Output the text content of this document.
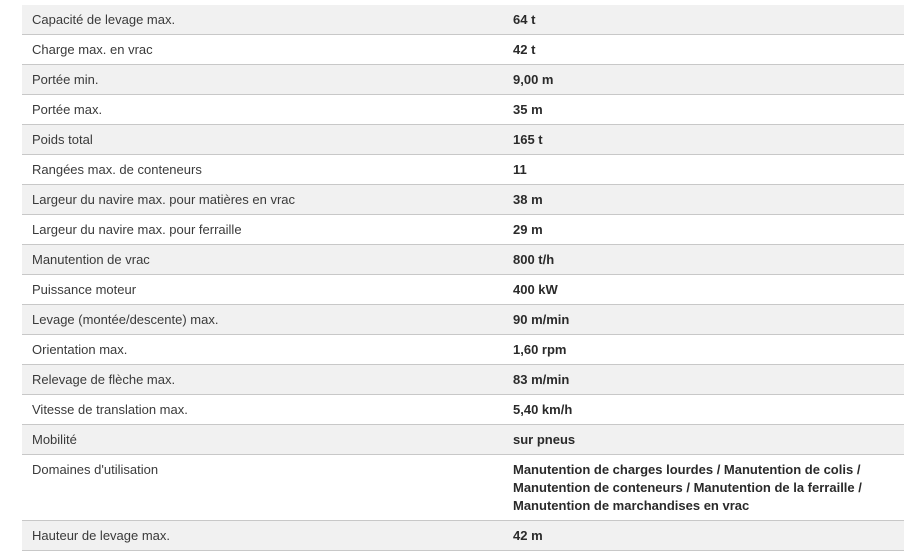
Capacité de levage max.	64 t
Charge max. en vrac	42 t
Portée min.	9,00 m
Portée max.	35 m
Poids total	165 t
Rangées max. de conteneurs	11
Largeur du navire max. pour matières en vrac	38 m
Largeur du navire max. pour ferraille	29 m
Manutention de vrac	800 t/h
Puissance moteur	400 kW
Levage (montée/descente) max.	90 m/min
Orientation max.	1,60 rpm
Relevage de flèche max.	83 m/min
Vitesse de translation max.	5,40 km/h
Mobilité	sur pneus
Domaines d'utilisation	Manutention de charges lourdes / Manutention de colis /
Manutention de conteneurs / Manutention de la ferraille /
Manutention de marchandises en vrac
Hauteur de levage max.	42 m
